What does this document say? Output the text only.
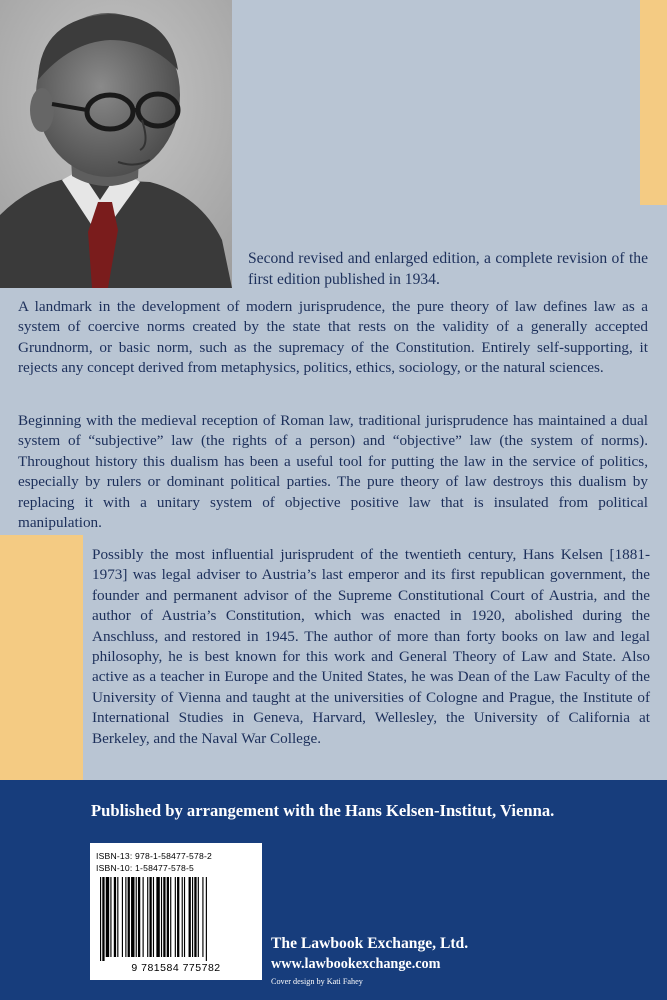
Second revised and enlarged edition, a complete revision of the first edition published in 1934.

A landmark in the development of modern jurisprudence, the pure theory of law defines law as a system of coercive norms created by the state that rests on the validity of a generally accepted Grundnorm, or basic norm, such as the supremacy of the Constitution. Entirely self-supporting, it rejects any concept derived from metaphysics, politics, ethics, sociology, or the natural sciences.

Beginning with the medieval reception of Roman law, traditional jurisprudence has maintained a dual system of “subjective” law (the rights of a person) and “objective” law (the system of norms). Throughout history this dualism has been a useful tool for putting the law in the service of politics, especially by rulers or dominant political parties. The pure theory of law destroys this dualism by replacing it with a unitary system of objective positive law that is insulated from political manipulation.

Possibly the most influential jurisprudent of the twentieth century, Hans Kelsen [1881-1973] was legal adviser to Austria’s last emperor and its first republican government, the founder and permanent advisor of the Supreme Constitutional Court of Austria, and the author of Austria’s Constitution, which was enacted in 1920, abolished during the Anschluss, and restored in 1945. The author of more than forty books on law and legal philosophy, he is best known for this work and General Theory of Law and State. Also active as a teacher in Europe and the United States, he was Dean of the Law Faculty of the University of Vienna and taught at the universities of Cologne and Prague, the Institute of International Studies in Geneva, Harvard, Wellesley, the University of California at Berkeley, and the Naval War College.

Published by arrangement with the Hans Kelsen-Institut, Vienna.
ISBN-13: 978-1-58477-578-2
ISBN-10: 1-58477-578-5
9 781584 775782
The Lawbook Exchange, Ltd.
www.lawbookexchange.com
Cover design by Kati Fahey
